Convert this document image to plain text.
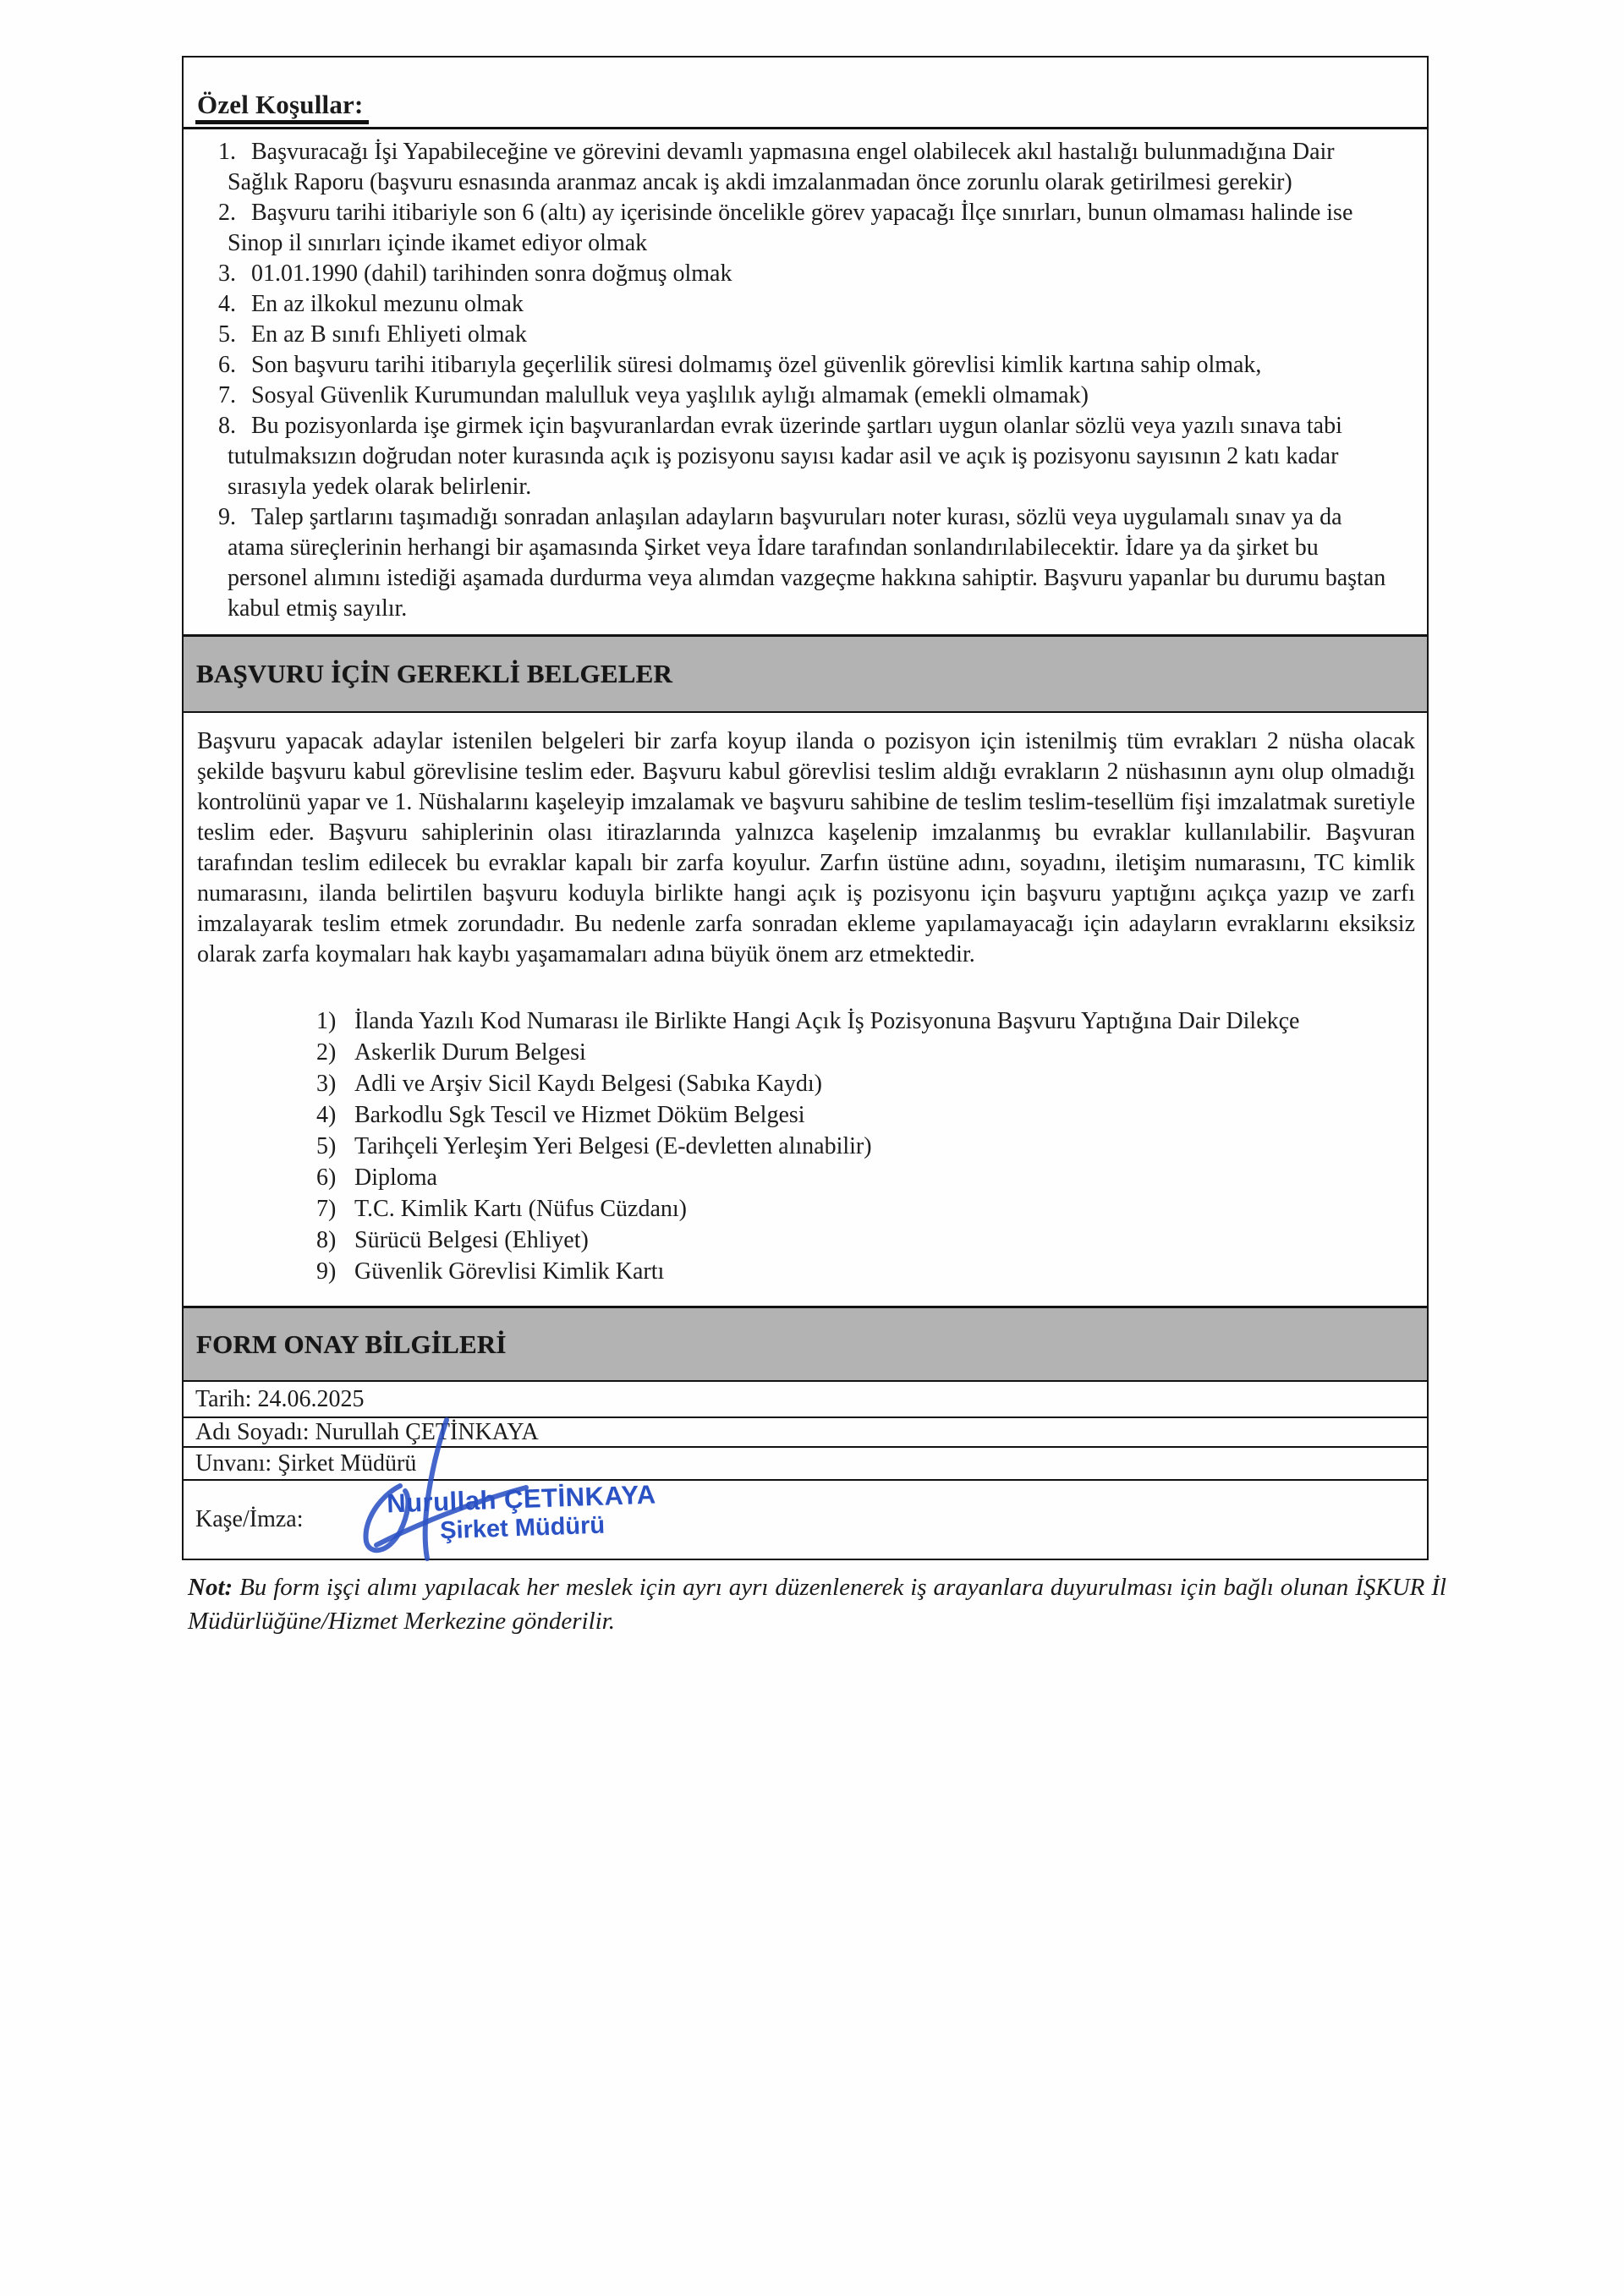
Özel Koşullar:
1. Başvuracağı İşi Yapabileceğine ve görevini devamlı yapmasına engel olabilecek akıl hastalığı bulunmadığına Dair Sağlık Raporu (başvuru esnasında aranmaz ancak iş akdi imzalanmadan önce zorunlu olarak getirilmesi gerekir)
2. Başvuru tarihi itibariyle son 6 (altı) ay içerisinde öncelikle görev yapacağı İlçe sınırları, bunun olmaması halinde ise Sinop il sınırları içinde ikamet ediyor olmak
3. 01.01.1990 (dahil) tarihinden sonra doğmuş olmak
4. En az ilkokul mezunu olmak
5. En az B sınıfı Ehliyeti olmak
6. Son başvuru tarihi itibarıyla geçerlilik süresi dolmamış özel güvenlik görevlisi kimlik kartına sahip olmak,
7. Sosyal Güvenlik Kurumundan malulluk veya yaşlılık aylığı almamak (emekli olmamak)
8. Bu pozisyonlarda işe girmek için başvuranlardan evrak üzerinde şartları uygun olanlar sözlü veya yazılı sınava tabi tutulmaksızın doğrudan noter kurasında açık iş pozisyonu sayısı kadar asil ve açık iş pozisyonu sayısının 2 katı kadar sırasıyla yedek olarak belirlenir.
9. Talep şartlarını taşımadığı sonradan anlaşılan adayların başvuruları noter kurası, sözlü veya uygulamalı sınav ya da atama süreçlerinin herhangi bir aşamasında Şirket veya İdare tarafından sonlandırılabilecektir. İdare ya da şirket bu personel alımını istediği aşamada durdurma veya alımdan vazgeçme hakkına sahiptir. Başvuru yapanlar bu durumu baştan kabul etmiş sayılır.
BAŞVURU İÇİN GEREKLİ BELGELER

Başvuru yapacak adaylar istenilen belgeleri bir zarfa koyup ilanda o pozisyon için istenilmiş tüm evrakları 2 nüsha olacak şekilde başvuru kabul görevlisine teslim eder. Başvuru kabul görevlisi teslim aldığı evrakların 2 nüshasının aynı olup olmadığı kontrolünü yapar ve 1. Nüshalarını kaşeleyip imzalamak ve başvuru sahibine de teslim teslim-tesellüm fişi imzalatmak suretiyle teslim eder. Başvuru sahiplerinin olası itirazlarında yalnızca kaşelenip imzalanmış bu evraklar kullanılabilir. Başvuran tarafından teslim edilecek bu evraklar kapalı bir zarfa koyulur. Zarfın üstüne adını, soyadını, iletişim numarasını, TC kimlik numarasını, ilanda belirtilen başvuru koduyla birlikte hangi açık iş pozisyonu için başvuru yaptığını açıkça yazıp ve zarfı imzalayarak teslim etmek zorundadır. Bu nedenle zarfa sonradan ekleme yapılamayacağı için adayların evraklarını eksiksiz olarak zarfa koymaları hak kaybı yaşamamaları adına büyük önem arz etmektedir.

1) İlanda Yazılı Kod Numarası ile Birlikte Hangi Açık İş Pozisyonuna Başvuru Yaptığına Dair Dilekçe
2) Askerlik Durum Belgesi
3) Adli ve Arşiv Sicil Kaydı Belgesi (Sabıka Kaydı)
4) Barkodlu Sgk Tescil ve Hizmet Döküm Belgesi
5) Tarihçeli Yerleşim Yeri Belgesi (E-devletten alınabilir)
6) Diploma
7) T.C. Kimlik Kartı (Nüfus Cüzdanı)
8) Sürücü Belgesi (Ehliyet)
9) Güvenlik Görevlisi Kimlik Kartı
FORM ONAY BİLGİLERİ
Tarih: 24.06.2025
Adı Soyadı: Nurullah ÇETİNKAYA
Unvanı: Şirket Müdürü
Kaşe/İmza:
Nurullah ÇETİNKAYA
Şirket Müdürü
Not: Bu form işçi alımı yapılacak her meslek için ayrı ayrı düzenlenerek iş arayanlara duyurulması için bağlı olunan İŞKUR İl Müdürlüğüne/Hizmet Merkezine gönderilir.
